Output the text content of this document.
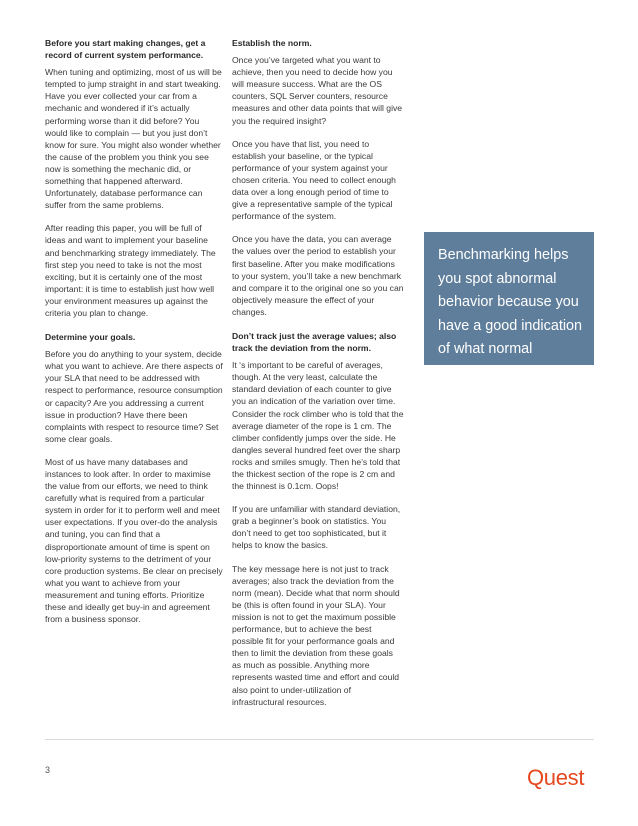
Before you start making changes, get a record of current system performance.

When tuning and optimizing, most of us will be tempted to jump straight in and start tweaking. Have you ever collected your car from a mechanic and wondered if it’s actually performing worse than it did before? You would like to complain — but you just don’t know for sure. You might also wonder whether the cause of the problem you think you see now is something the mechanic did, or something that happened afterward. Unfortunately, database performance can suffer from the same problems.

After reading this paper, you will be full of ideas and want to implement your baseline and benchmarking strategy immediately. The first step you need to take is not the most exciting, but it is certainly one of the most important: it is time to establish just how well your environment measures up against the criteria you plan to change.

Determine your goals.

Before you do anything to your system, decide what you want to achieve. Are there aspects of your SLA that need to be addressed with respect to performance, resource consumption or capacity? Are you addressing a current issue in production? Have there been complaints with respect to resource time? Set some clear goals.

Most of us have many databases and instances to look after. In order to maximise the value from our efforts, we need to think carefully what is required from a particular system in order for it to perform well and meet user expectations. If you over-do the analysis and tuning, you can find that a disproportionate amount of time is spent on low-priority systems to the detriment of your core production systems. Be clear on precisely what you want to achieve from your measurement and tuning efforts. Prioritize these and ideally get buy-in and agreement from a business sponsor.

Establish the norm.

Once you’ve targeted what you want to achieve, then you need to decide how you will measure success. What are the OS counters, SQL Server counters, resource measures and other data points that will give you the required insight?

Once you have that list, you need to establish your baseline, or the typical performance of your system against your chosen criteria. You need to collect enough data over a long enough period of time to give a representative sample of the typical performance of the system.

Once you have the data, you can average the values over the period to establish your first baseline. After you make modifications to your system, you’ll take a new benchmark and compare it to the original one so you can objectively measure the effect of your changes.

Don’t track just the average values; also track the deviation from the norm.

It ‘s important to be careful of averages, though. At the very least, calculate the standard deviation of each counter to give you an indication of the variation over time. Consider the rock climber who is told that the average diameter of the rope is 1 cm. The climber confidently jumps over the side. He dangles several hundred feet over the sharp rocks and smiles smugly. Then he’s told that the thickest section of the rope is 2 cm and the thinnest is 0.1cm. Oops!

If you are unfamiliar with standard deviation, grab a beginner’s book on statistics. You don’t need to get too sophisticated, but it helps to know the basics.

The key message here is not just to track averages; also track the deviation from the norm (mean). Decide what that norm should be (this is often found in your SLA). Your mission is not to get the maximum possible performance, but to achieve the best possible fit for your performance goals and then to limit the deviation from these goals as much as possible. Anything more represents wasted time and effort and could also point to under-utilization of infrastructural resources.

Benchmarking helps you spot abnormal behavior because you have a good indication of what normal behavior is.
3	Quest
